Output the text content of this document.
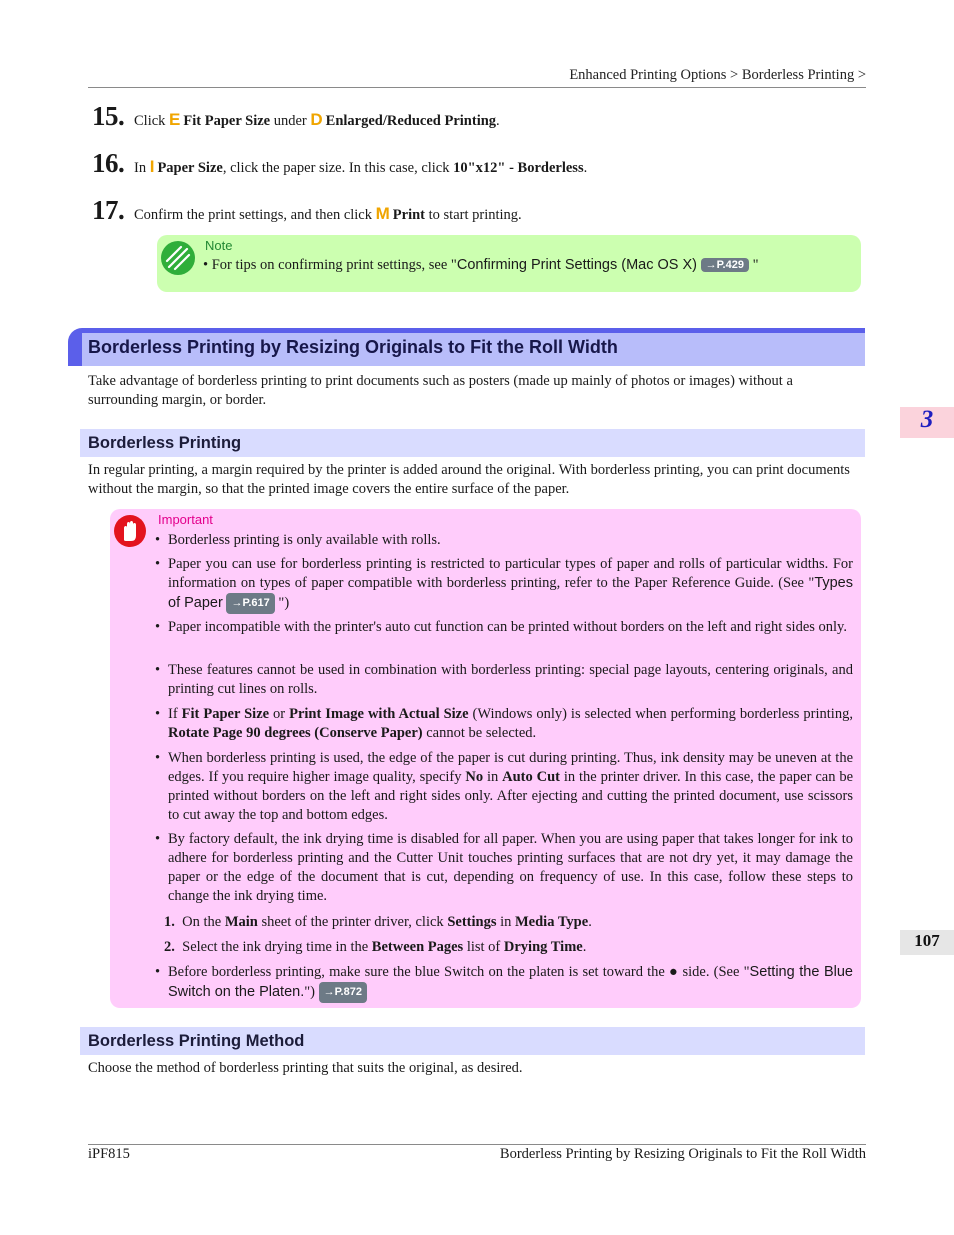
Enhanced Printing Options > Borderless Printing >
15. Click E Fit Paper Size under D Enlarged/Reduced Printing.
16. In I Paper Size, click the paper size. In this case, click 10"x12" - Borderless.
17. Confirm the print settings, and then click M Print to start printing.
Note
• For tips on confirming print settings, see "Confirming Print Settings (Mac OS X) →P.429 "
Borderless Printing by Resizing Originals to Fit the Roll Width
Take advantage of borderless printing to print documents such as posters (made up mainly of photos or images) without a surrounding margin, or border.
Borderless Printing
In regular printing, a margin required by the printer is added around the original. With borderless printing, you can print documents without the margin, so that the printed image covers the entire surface of the paper.
Important
• Borderless printing is only available with rolls.
• Paper you can use for borderless printing is restricted to particular types of paper and rolls of particular widths. For information on types of paper compatible with borderless printing, refer to the Paper Reference Guide. (See "Types of Paper →P.617 ")
• Paper incompatible with the printer's auto cut function can be printed without borders on the left and right sides only.
• These features cannot be used in combination with borderless printing: special page layouts, centering originals, and printing cut lines on rolls.
• If Fit Paper Size or Print Image with Actual Size (Windows only) is selected when performing borderless printing, Rotate Page 90 degrees (Conserve Paper) cannot be selected.
• When borderless printing is used, the edge of the paper is cut during printing. Thus, ink density may be uneven at the edges. If you require higher image quality, specify No in Auto Cut in the printer driver. In this case, the paper can be printed without borders on the left and right sides only. After ejecting and cutting the printed document, use scissors to cut away the top and bottom edges.
• By factory default, the ink drying time is disabled for all paper. When you are using paper that takes longer for ink to adhere for borderless printing and the Cutter Unit touches printing surfaces that are not dry yet, it may damage the paper or the edge of the document that is cut, depending on frequency of use. In this case, follow these steps to change the ink drying time.
1. On the Main sheet of the printer driver, click Settings in Media Type.
2. Select the ink drying time in the Between Pages list of Drying Time.
• Before borderless printing, make sure the blue Switch on the platen is set toward the ● side. (See "Setting the Blue Switch on the Platen.") →P.872
Borderless Printing Method
Choose the method of borderless printing that suits the original, as desired.
3
107
iPF815	Borderless Printing by Resizing Originals to Fit the Roll Width
